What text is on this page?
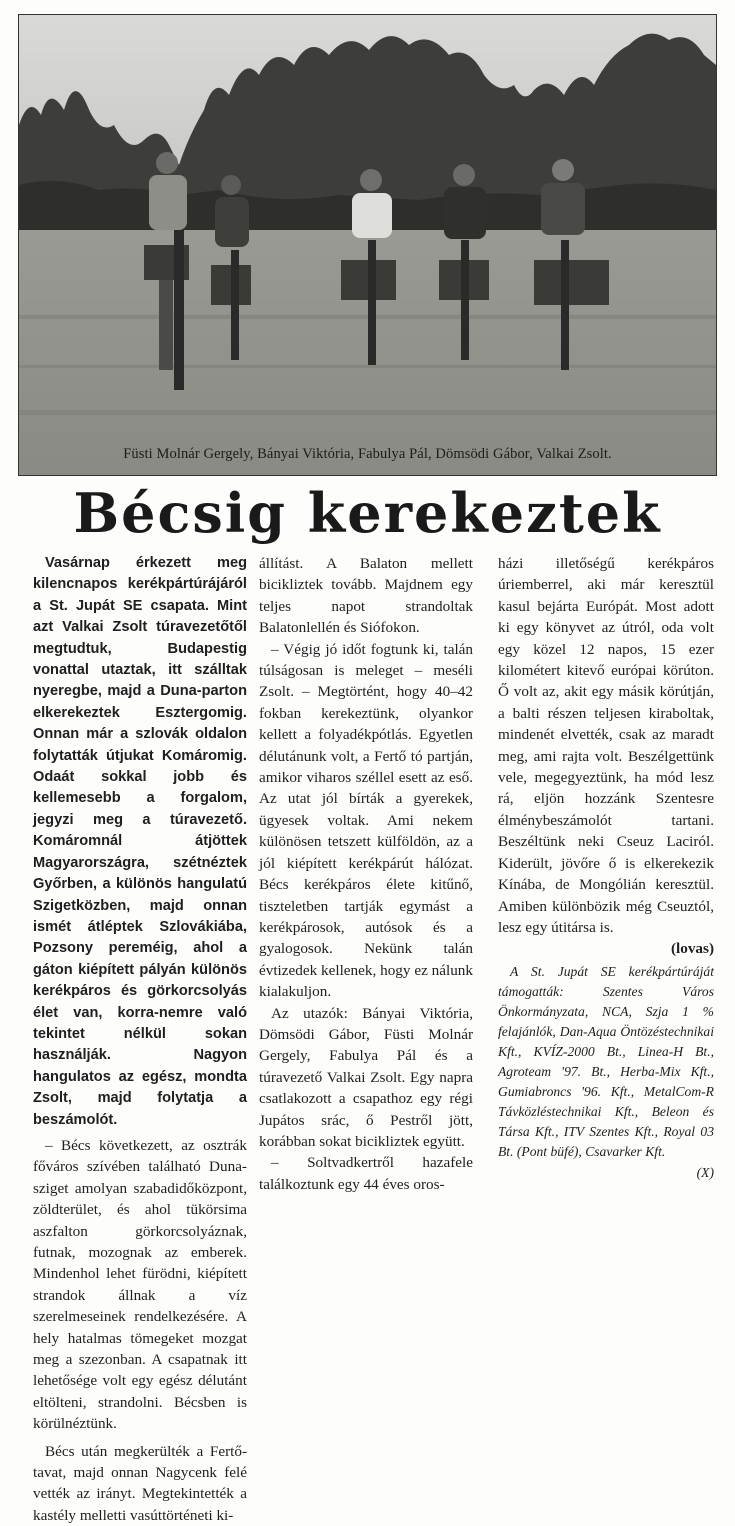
Füsti Molnár Gergely, Bányai Viktória, Fabulya Pál, Dömsödi Gábor, Valkai Zsolt.
Bécsig kerekeztek

Vasárnap érkezett meg kilencnapos kerékpártúrájáról a St. Jupát SE csapata. Mint azt Valkai Zsolt túravezetőtől megtudtuk, Budapestig vonattal utaztak, itt szálltak nyeregbe, majd a Duna-parton elkerekeztek Esztergomig. Onnan már a szlovák oldalon folytatták útjukat Komáromig. Odaát sokkal jobb és kellemesebb a forgalom, jegyzi meg a túravezető. Komáromnál átjöttek Magyarországra, szétnéztek Győrben, a különös hangulatú Szigetközben, majd onnan ismét átléptek Szlovákiába, Pozsony pereméig, ahol a gáton kiépített pályán különös kerékpáros és görkorcsolyás élet van, korra-nemre való tekintet nélkül sokan használják. Nagyon hangulatos az egész, mondta Zsolt, majd folytatja a beszámolót.

– Bécs következett, az osztrák főváros szívében található Duna-sziget amolyan szabadidőközpont, zöldterület, és ahol tükörsima aszfalton görkorcsolyáznak, futnak, mozognak az emberek. Mindenhol lehet fürödni, kiépített strandok állnak a víz szerelmeseinek rendelkezésére. A hely hatalmas tömegeket mozgat meg a szezonban. A csapatnak itt lehetősége volt egy egész délutánt eltölteni, strandolni. Bécsben is körülnéztünk.

Bécs után megkerülték a Fertő-tavat, majd onnan Nagycenk felé vették az irányt. Megtekintették a kastély melletti vasúttörténeti ki-

állítást. A Balaton mellett bicikliztek tovább. Majdnem egy teljes napot strandoltak Balatonlellén és Siófokon.

– Végig jó időt fogtunk ki, talán túlságosan is meleget – meséli Zsolt. – Megtörtént, hogy 40–42 fokban kerekeztünk, olyankor kellett a folyadékpótlás. Egyetlen délutánunk volt, a Fertő tó partján, amikor viharos széllel esett az eső. Az utat jól bírták a gyerekek, ügyesek voltak. Ami nekem különösen tetszett külföldön, az a jól kiépített kerékpárút hálózat. Bécs kerékpáros élete kitűnő, tiszteletben tartják egymást a kerékpárosok, autósok és a gyalogosok. Nekünk talán évtizedek kellenek, hogy ez nálunk kialakuljon.

Az utazók: Bányai Viktória, Dömsödi Gábor, Füsti Molnár Gergely, Fabulya Pál és a túravezető Valkai Zsolt. Egy napra csatlakozott a csapathoz egy régi Jupátos srác, ő Pestről jött, korábban sokat bicikliztek együtt.

– Soltvadkertről hazafele találkoztunk egy 44 éves oros-

házi illetőségű kerékpáros úriemberrel, aki már keresztül kasul bejárta Európát. Most adott ki egy könyvet az útról, oda volt egy közel 12 napos, 15 ezer kilométert kitevő európai körúton. Ő volt az, akit egy másik körútján, a balti részen teljesen kiraboltak, mindenét elvették, csak az maradt meg, ami rajta volt. Beszélgettünk vele, megegyeztünk, ha mód lesz rá, eljön hozzánk Szentesre élménybeszámolót tartani. Beszéltünk neki Cseuz Laciról. Kiderült, jövőre ő is elkerekezik Kínába, de Mongólián keresztül. Amiben különbözik még Cseuztól, lesz egy útitársa is.

(lovas)

A St. Jupát SE kerékpártúráját támogatták: Szentes Város Önkormányzata, NCA, Szja 1 % felajánlók, Dan-Aqua Öntözéstechnikai Kft., KVÍZ-2000 Bt., Linea-H Bt., Agroteam '97. Bt., Herba-Mix Kft., Gumiabroncs '96. Kft., MetalCom-R Távközléstechnikai Kft., Beleon és Társa Kft., ITV Szentes Kft., Royal 03 Bt. (Pont büfé), Csavarker Kft.

(X)
